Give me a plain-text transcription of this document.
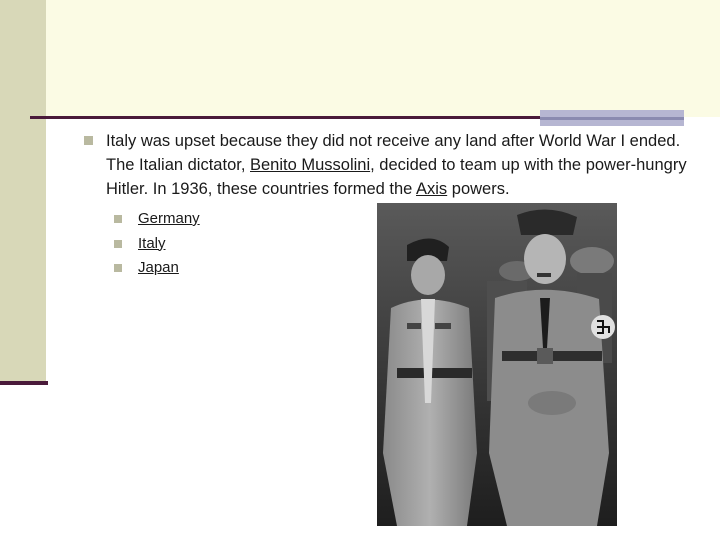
Italy was upset because they did not receive any land after World War I ended. The Italian dictator, Benito Mussolini, decided to team up with the power-hungry Hitler. In 1936, these countries formed the Axis powers.
Germany
Italy
Japan
